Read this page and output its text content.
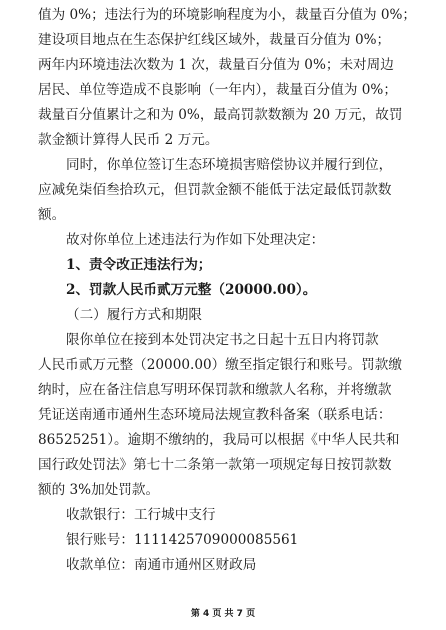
值为 0%；违法行为的环境影响程度为小，裁量百分值为 0%；

建设项目地点在生态保护红线区域外，裁量百分值为 0%；

两年内环境违法次数为 1 次，裁量百分值为 0%；未对周边

居民、单位等造成不良影响（一年内），裁量百分值为 0%；

裁量百分值累计之和为 0%，最高罚款数额为 20 万元，故罚

款金额计算得人民币 2 万元。

同时，你单位签订生态环境损害赔偿协议并履行到位，

应减免柒佰叁拾玖元，但罚款金额不能低于法定最低罚款数

额。

故对你单位上述违法行为作如下处理决定：

1、责令改正违法行为；

2、罚款人民币贰万元整（20000.00）。

（二）履行方式和期限

限你单位在接到本处罚决定书之日起十五日内将罚款

人民币贰万元整（20000.00）缴至指定银行和账号。罚款缴

纳时，应在备注信息写明环保罚款和缴款人名称，并将缴款

凭证送南通市通州生态环境局法规宣教科备案（联系电话：

86525251）。逾期不缴纳的，我局可以根据《中华人民共和

国行政处罚法》第七十二条第一款第一项规定每日按罚款数

额的 3%加处罚款。

收款银行：工行城中支行

银行账号：1111425709000085561

收款单位：南通市通州区财政局

第 4 页 共 7 页
